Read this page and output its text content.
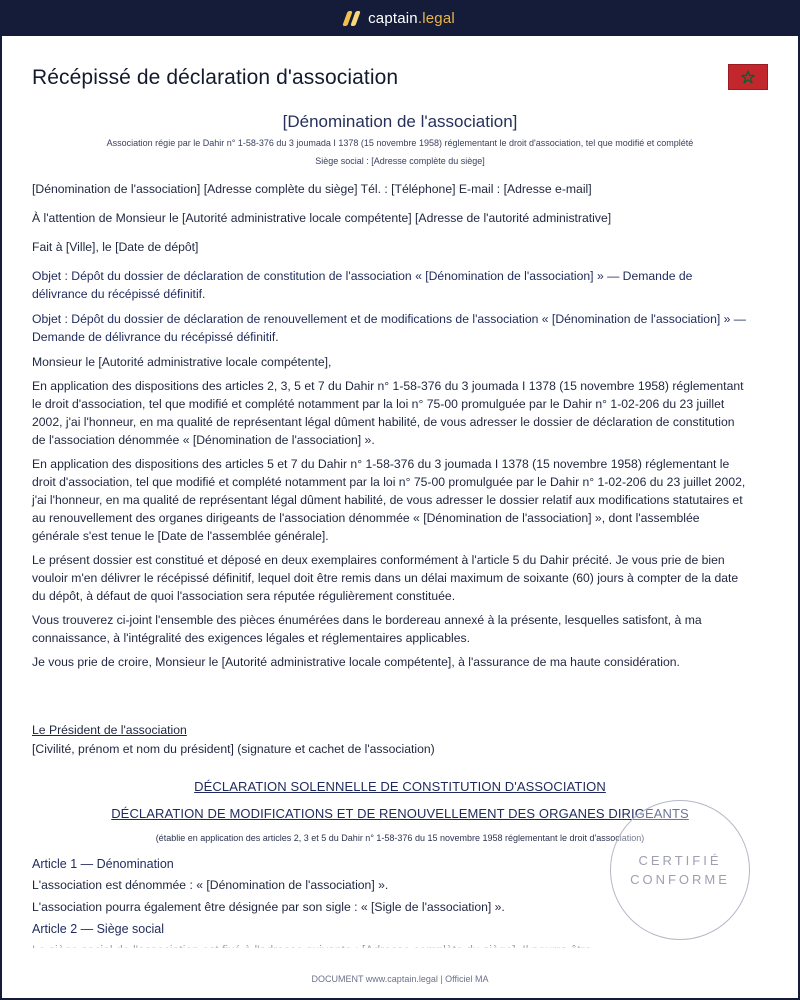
captain.legal
Récépissé de déclaration d'association
[Dénomination de l'association]
Association régie par le Dahir n° 1-58-376 du 3 joumada I 1378 (15 novembre 1958) réglementant le droit d'association, tel que modifié et complété
Siège social : [Adresse complète du siège]

[Dénomination de l'association] [Adresse complète du siège] Tél. : [Téléphone] E-mail : [Adresse e-mail]

À l'attention de Monsieur le [Autorité administrative locale compétente] [Adresse de l'autorité administrative]

Fait à [Ville], le [Date de dépôt]

Objet : Dépôt du dossier de déclaration de constitution de l'association « [Dénomination de l'association] » — Demande de délivrance du récépissé définitif.

Objet : Dépôt du dossier de déclaration de renouvellement et de modifications de l'association « [Dénomination de l'association] » — Demande de délivrance du récépissé définitif.

Monsieur le [Autorité administrative locale compétente],

En application des dispositions des articles 2, 3, 5 et 7 du Dahir n° 1-58-376 du 3 joumada I 1378 (15 novembre 1958) réglementant le droit d'association, tel que modifié et complété notamment par la loi n° 75-00 promulguée par le Dahir n° 1-02-206 du 23 juillet 2002, j'ai l'honneur, en ma qualité de représentant légal dûment habilité, de vous adresser le dossier de déclaration de constitution de l'association dénommée « [Dénomination de l'association] ».

En application des dispositions des articles 5 et 7 du Dahir n° 1-58-376 du 3 joumada I 1378 (15 novembre 1958) réglementant le droit d'association, tel que modifié et complété notamment par la loi n° 75-00 promulguée par le Dahir n° 1-02-206 du 23 juillet 2002, j'ai l'honneur, en ma qualité de représentant légal dûment habilité, de vous adresser le dossier relatif aux modifications statutaires et au renouvellement des organes dirigeants de l'association dénommée « [Dénomination de l'association] », dont l'assemblée générale s'est tenue le [Date de l'assemblée générale].

Le présent dossier est constitué et déposé en deux exemplaires conformément à l'article 5 du Dahir précité. Je vous prie de bien vouloir m'en délivrer le récépissé définitif, lequel doit être remis dans un délai maximum de soixante (60) jours à compter de la date du dépôt, à défaut de quoi l'association sera réputée régulièrement constituée.

Vous trouverez ci-joint l'ensemble des pièces énumérées dans le bordereau annexé à la présente, lesquelles satisfont, à ma connaissance, à l'intégralité des exigences légales et réglementaires applicables.

Je vous prie de croire, Monsieur le [Autorité administrative locale compétente], à l'assurance de ma haute considération.

Le Président de l'association
[Civilité, prénom et nom du président] (signature et cachet de l'association)
DÉCLARATION SOLENNELLE DE CONSTITUTION D'ASSOCIATION
DÉCLARATION DE MODIFICATIONS ET DE RENOUVELLEMENT DES ORGANES DIRIGEANTS
(établie en application des articles 2, 3 et 5 du Dahir n° 1-58-376 du 15 novembre 1958 réglementant le droit d'association)
Article 1 — Dénomination
L'association est dénommée : « [Dénomination de l'association] ».
L'association pourra également être désignée par son sigle : « [Sigle de l'association] ».
Article 2 — Siège social
CERTIFIÉ
CONFORME
DOCUMENT www.captain.legal | Officiel MA
